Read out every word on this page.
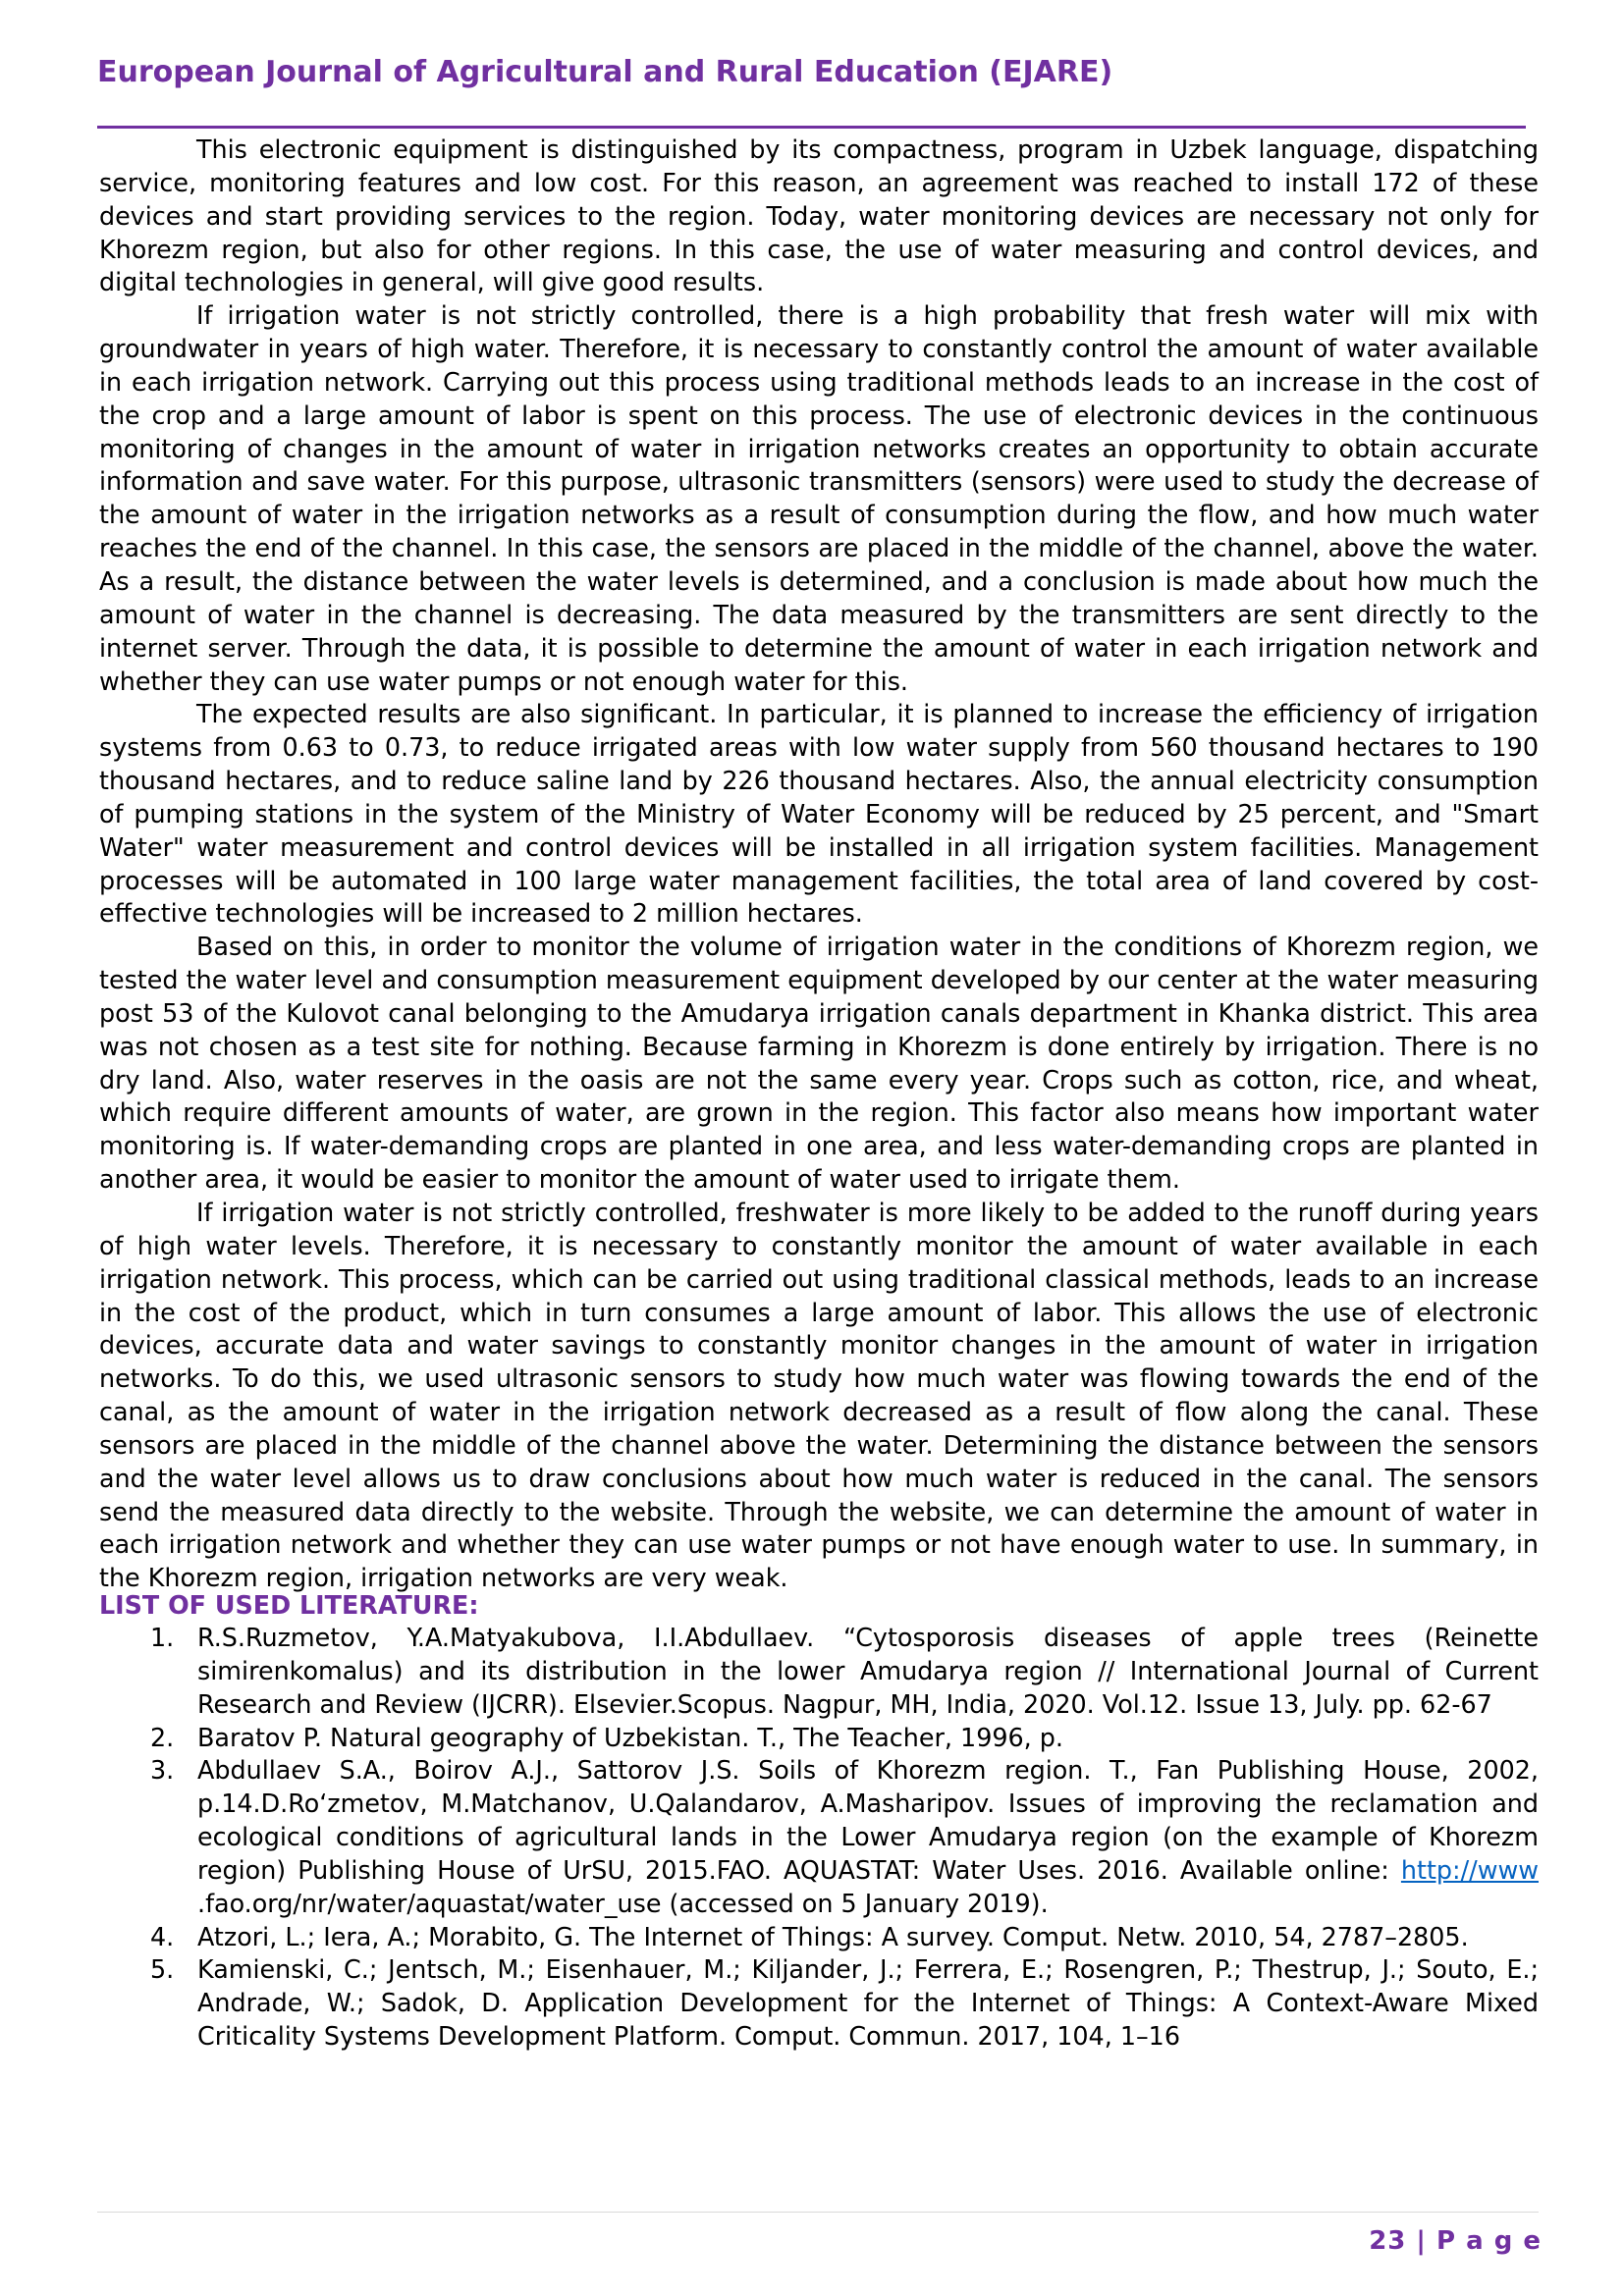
European Journal of Agricultural and Rural Education (EJARE)

This electronic equipment is distinguished by its compactness, program in Uzbek language, dispatching service, monitoring features and low cost. For this reason, an agreement was reached to install 172 of these devices and start providing services to the region. Today, water monitoring devices are necessary not only for Khorezm region, but also for other regions. In this case, the use of water measuring and control devices, and digital technologies in general, will give good results.

If irrigation water is not strictly controlled, there is a high probability that fresh water will mix with groundwater in years of high water. Therefore, it is necessary to constantly control the amount of water available in each irrigation network. Carrying out this process using traditional methods leads to an increase in the cost of the crop and a large amount of labor is spent on this process. The use of electronic devices in the continuous monitoring of changes in the amount of water in irrigation networks creates an opportunity to obtain accurate information and save water. For this purpose, ultrasonic transmitters (sensors) were used to study the decrease of the amount of water in the irrigation networks as a result of consumption during the flow, and how much water reaches the end of the channel. In this case, the sensors are placed in the middle of the channel, above the water. As a result, the distance between the water levels is determined, and a conclusion is made about how much the amount of water in the channel is decreasing. The data measured by the transmitters are sent directly to the internet server. Through the data, it is possible to determine the amount of water in each irrigation network and whether they can use water pumps or not enough water for this.

The expected results are also significant. In particular, it is planned to increase the efficiency of irrigation systems from 0.63 to 0.73, to reduce irrigated areas with low water supply from 560 thousand hectares to 190 thousand hectares, and to reduce saline land by 226 thousand hectares. Also, the annual electricity consumption of pumping stations in the system of the Ministry of Water Economy will be reduced by 25 percent, and "Smart Water" water measurement and control devices will be installed in all irrigation system facilities. Management processes will be automated in 100 large water management facilities, the total area of land covered by cost-effective technologies will be increased to 2 million hectares.

Based on this, in order to monitor the volume of irrigation water in the conditions of Khorezm region, we tested the water level and consumption measurement equipment developed by our center at the water measuring post 53 of the Kulovot canal belonging to the Amudarya irrigation canals department in Khanka district. This area was not chosen as a test site for nothing. Because farming in Khorezm is done entirely by irrigation. There is no dry land. Also, water reserves in the oasis are not the same every year. Crops such as cotton, rice, and wheat, which require different amounts of water, are grown in the region. This factor also means how important water monitoring is. If water-demanding crops are planted in one area, and less water-demanding crops are planted in another area, it would be easier to monitor the amount of water used to irrigate them.

If irrigation water is not strictly controlled, freshwater is more likely to be added to the runoff during years of high water levels. Therefore, it is necessary to constantly monitor the amount of water available in each irrigation network. This process, which can be carried out using traditional classical methods, leads to an increase in the cost of the product, which in turn consumes a large amount of labor. This allows the use of electronic devices, accurate data and water savings to constantly monitor changes in the amount of water in irrigation networks. To do this, we used ultrasonic sensors to study how much water was flowing towards the end of the canal, as the amount of water in the irrigation network decreased as a result of flow along the canal. These sensors are placed in the middle of the channel above the water. Determining the distance between the sensors and the water level allows us to draw conclusions about how much water is reduced in the canal. The sensors send the measured data directly to the website. Through the website, we can determine the amount of water in each irrigation network and whether they can use water pumps or not have enough water to use. In summary, in the Khorezm region, irrigation networks are very weak.

LIST OF USED LITERATURE:
1. R.S.Ruzmetov, Y.A.Matyakubova, I.I.Abdullaev. “Cytosporosis diseases of apple trees (Reinette simirenkomalus) and its distribution in the lower Amudarya region // International Journal of Current Research and Review (IJCRR). Elsevier.Scopus. Nagpur, MH, India, 2020. Vol.12. Issue 13, July. pp. 62-67
2. Baratov P. Natural geography of Uzbekistan. T., The Teacher, 1996, p.
3. Abdullaev S.A., Boirov A.J., Sattorov J.S. Soils of Khorezm region. T., Fan Publishing House, 2002, p.14.D.Ro‘zmetov, M.Matchanov, U.Qalandarov, A.Masharipov. Issues of improving the reclamation and ecological conditions of agricultural lands in the Lower Amudarya region (on the example of Khorezm region) Publishing House of UrSU, 2015.FAO. AQUASTAT: Water Uses. 2016. Available online: http://www .fao.org/nr/water/aquastat/water_use (accessed on 5 January 2019).
4. Atzori, L.; Iera, A.; Morabito, G. The Internet of Things: A survey. Comput. Netw. 2010, 54, 2787–2805.
5. Kamienski, C.; Jentsch, M.; Eisenhauer, M.; Kiljander, J.; Ferrera, E.; Rosengren, P.; Thestrup, J.; Souto, E.; Andrade, W.; Sadok, D. Application Development for the Internet of Things: A Context-Aware Mixed Criticality Systems Development Platform. Comput. Commun. 2017, 104, 1–16
23 | P a g e
